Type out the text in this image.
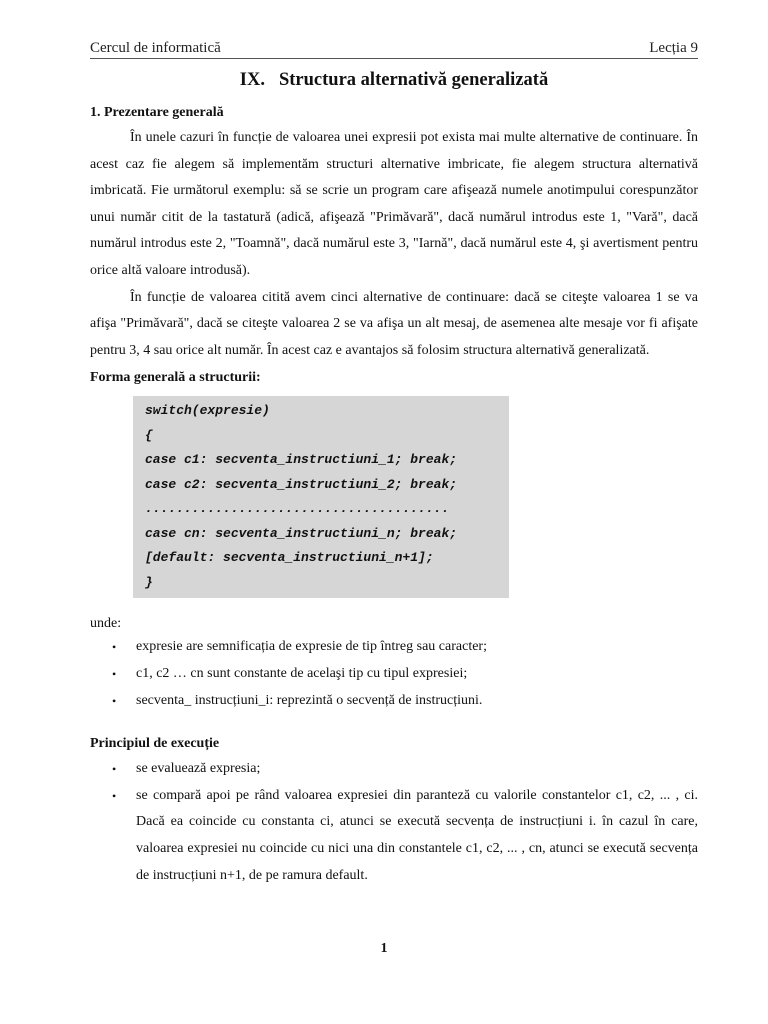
Cercul de informatică	Lecția 9
IX. Structura alternativă generalizată
1. Prezentare generală

În unele cazuri în funcție de valoarea unei expresii pot exista mai multe alternative de continuare. În acest caz fie alegem să implementăm structuri alternative imbricate, fie alegem structura alternativă imbricată. Fie următorul exemplu: să se scrie un program care afişează numele anotimpului corespunzător unui număr citit de la tastatură (adică, afişează "Primăvară", dacă numărul introdus este 1, "Vară", dacă numărul introdus este 2, "Toamnă", dacă numărul este 3, "Iarnă", dacă numărul este 4, şi avertisment pentru orice altă valoare introdusă).

În funcție de valoarea citită avem cinci alternative de continuare: dacă se citeşte valoarea 1 se va afişa "Primăvară", dacă se citeşte valoarea 2 se va afişa un alt mesaj, de asemenea alte mesaje vor fi afişate pentru 3, 4 sau orice alt număr. În acest caz e avantajos să folosim structura alternativă generalizată.

Forma generală a structurii:
switch(expresie)
{
case c1: secventa_instructiuni_1; break;
case c2: secventa_instructiuni_2; break;
.......................................
case cn: secventa_instructiuni_n; break;
[default: secventa_instructiuni_n+1];
}
unde:
• expresie are semnificația de expresie de tip întreg sau caracter;
• c1, c2 … cn sunt constante de acelaşi tip cu tipul expresiei;
• secventa_ instrucțiuni_i: reprezintă o secvență de instrucțiuni.
Principiul de execuție
• se evaluează expresia;
• se compară apoi pe rând valoarea expresiei din paranteză cu valorile constantelor c1, c2, ... , ci. Dacă ea coincide cu constanta ci, atunci se execută secvența de instrucțiuni i. în cazul în care, valoarea expresiei nu coincide cu nici una din constantele c1, c2, ... , cn, atunci se execută secvența de instrucțiuni n+1, de pe ramura default.
1
